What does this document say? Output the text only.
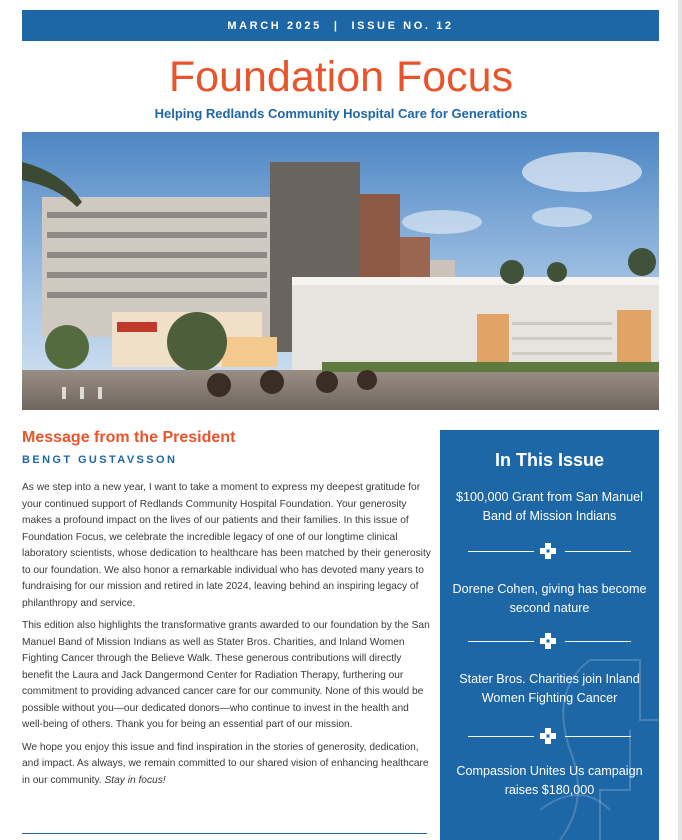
MARCH 2025 | ISSUE NO. 12
Foundation Focus
Helping Redlands Community Hospital Care for Generations
Message from the President
BENGT GUSTAVSSON

As we step into a new year, I want to take a moment to express my deepest gratitude for your continued support of Redlands Community Hospital Foundation. Your generosity makes a profound impact on the lives of our patients and their families. In this issue of Foundation Focus, we celebrate the incredible legacy of one of our longtime clinical laboratory scientists, whose dedication to healthcare has been matched by their generosity to our foundation. We also honor a remarkable individual who has devoted many years to fundraising for our mission and retired in late 2024, leaving behind an inspiring legacy of philanthropy and service.

This edition also highlights the transformative grants awarded to our foundation by the San Manuel Band of Mission Indians as well as Stater Bros. Charities, and Inland Women Fighting Cancer through the Believe Walk. These generous contributions will directly benefit the Laura and Jack Dangermond Center for Radiation Therapy, furthering our commitment to providing advanced cancer care for our community. None of this would be possible without you—our dedicated donors—who continue to invest in the health and well-being of others. Thank you for being an essential part of our mission.

We hope you enjoy this issue and find inspiration in the stories of generosity, dedication, and impact. As always, we remain committed to our shared vision of enhancing healthcare in our community. Stay in focus!

In This Issue
$100,000 Grant from San Manuel Band of Mission Indians
Dorene Cohen, giving has become second nature
Stater Bros. Charities join Inland Women Fighting Cancer
Compassion Unites Us campaign raises $180,000
